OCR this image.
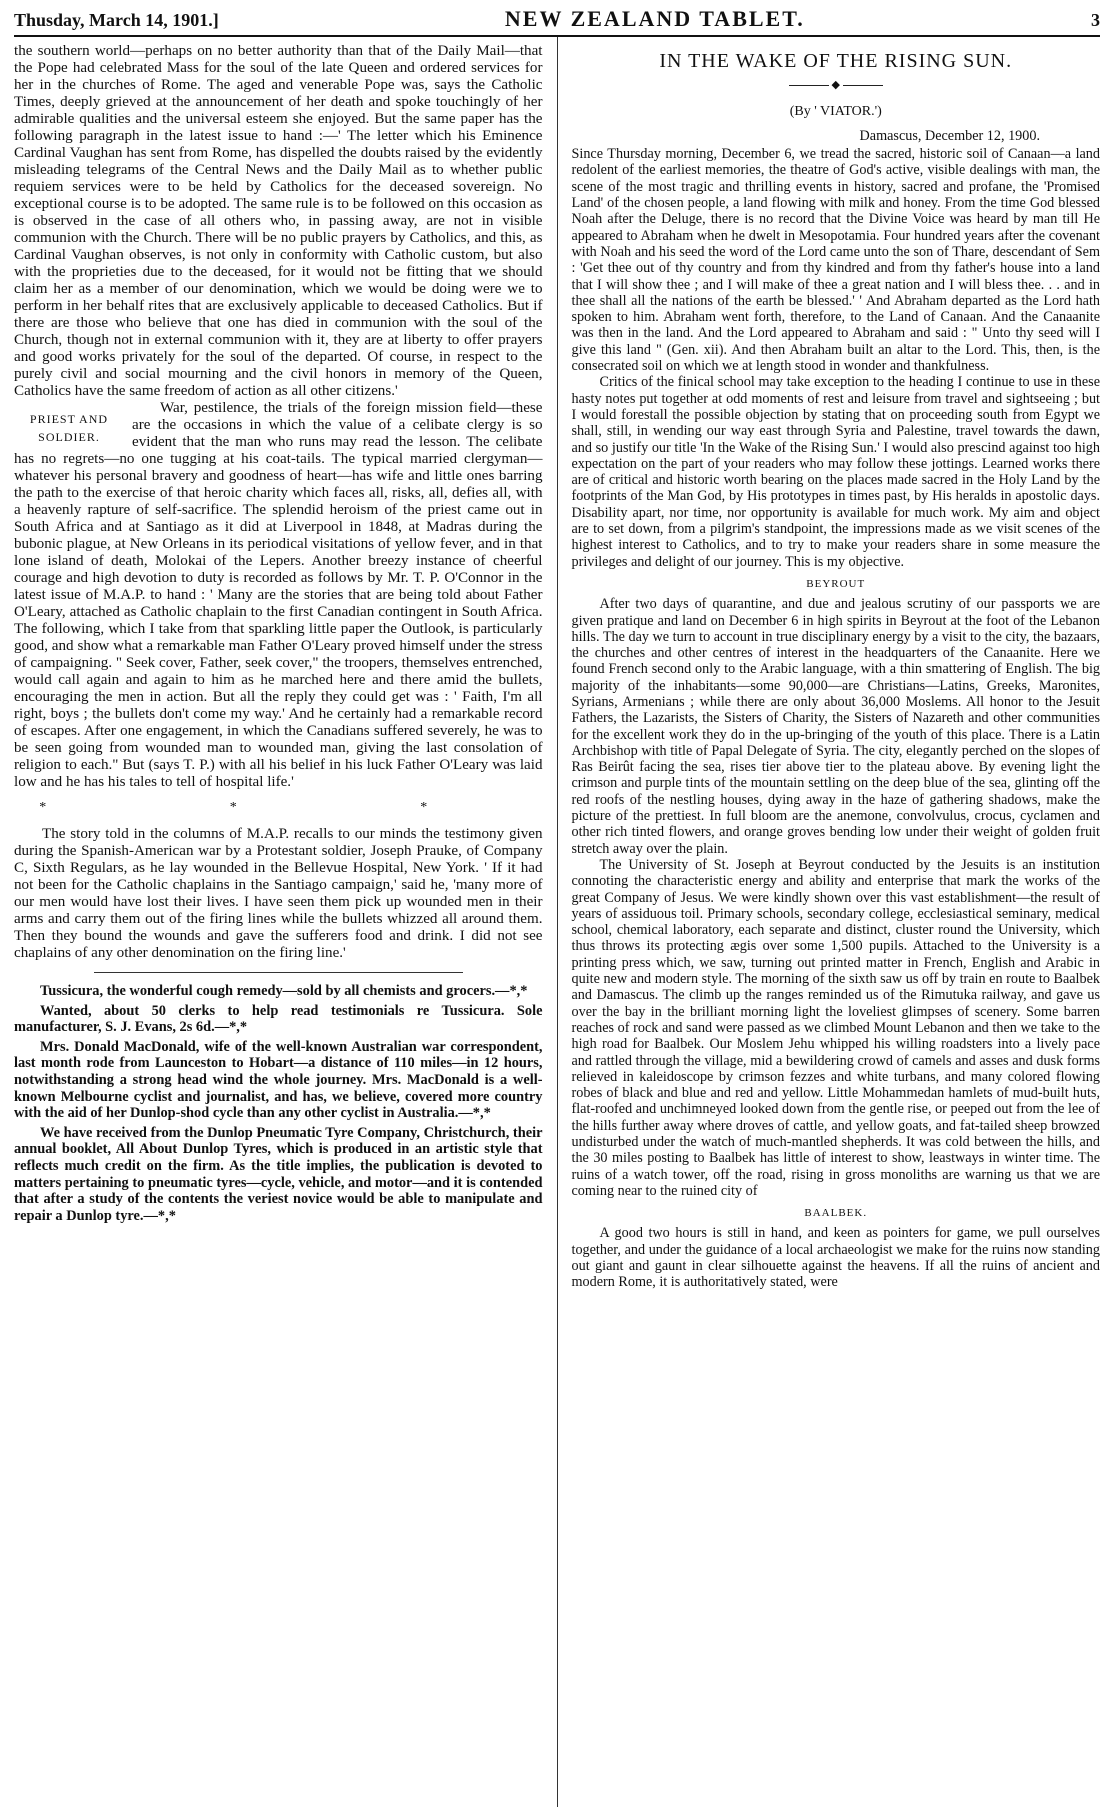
Thusday, March 14, 1901.]	NEW ZEALAND TABLET.	3

the southern world—perhaps on no better authority than that of the Daily Mail—that the Pope had celebrated Mass for the soul of the late Queen and ordered services for her in the churches of Rome. The aged and venerable Pope was, says the Catholic Times, deeply grieved at the announcement of her death and spoke touchingly of her admirable qualities and the universal esteem she enjoyed. But the same paper has the following paragraph in the latest issue to hand :—' The letter which his Eminence Cardinal Vaughan has sent from Rome, has dispelled the doubts raised by the evidently misleading telegrams of the Central News and the Daily Mail as to whether public requiem services were to be held by Catholics for the deceased sovereign. No exceptional course is to be adopted. The same rule is to be followed on this occasion as is observed in the case of all others who, in passing away, are not in visible communion with the Church. There will be no public prayers by Catholics, and this, as Cardinal Vaughan observes, is not only in conformity with Catholic custom, but also with the proprieties due to the deceased, for it would not be fitting that we should claim her as a member of our denomination, which we would be doing were we to perform in her behalf rites that are exclusively applicable to deceased Catholics. But if there are those who believe that one has died in communion with the soul of the Church, though not in external communion with it, they are at liberty to offer prayers and good works privately for the soul of the departed. Of course, in respect to the purely civil and social mourning and the civil honors in memory of the Queen, Catholics have the same freedom of action as all other citizens.'

PRIEST AND SOLDIER.

War, pestilence, the trials of the foreign mission field—these are the occasions in which the value of a celibate clergy is so evident that the man who runs may read the lesson. The celibate has no regrets—no one tugging at his coat-tails. The typical married clergyman—whatever his personal bravery and goodness of heart—has wife and little ones barring the path to the exercise of that heroic charity which faces all, risks, all, defies all, with a heavenly rapture of self-sacrifice. The splendid heroism of the priest came out in South Africa and at Santiago as it did at Liverpool in 1848, at Madras during the bubonic plague, at New Orleans in its periodical visitations of yellow fever, and in that lone island of death, Molokai of the Lepers. Another breezy instance of cheerful courage and high devotion to duty is recorded as follows by Mr. T. P. O'Connor in the latest issue of M.A.P. to hand : ' Many are the stories that are being told about Father O'Leary, attached as Catholic chaplain to the first Canadian contingent in South Africa. The following, which I take from that sparkling little paper the Outlook, is particularly good, and show what a remarkable man Father O'Leary proved himself under the stress of campaigning. " Seek cover, Father, seek cover," the troopers, themselves entrenched, would call again and again to him as he marched here and there amid the bullets, encouraging the men in action. But all the reply they could get was : ' Faith, I'm all right, boys ; the bullets don't come my way.' And he certainly had a remarkable record of escapes. After one engagement, in which the Canadians suffered severely, he was to be seen going from wounded man to wounded man, giving the last consolation of religion to each." But (says T. P.) with all his belief in his luck Father O'Leary was laid low and he has his tales to tell of hospital life.'

* * *

The story told in the columns of M.A.P. recalls to our minds the testimony given during the Spanish-American war by a Protestant soldier, Joseph Prauke, of Company C, Sixth Regulars, as he lay wounded in the Bellevue Hospital, New York. ' If it had not been for the Catholic chaplains in the Santiago campaign,' said he, 'many more of our men would have lost their lives. I have seen them pick up wounded men in their arms and carry them out of the firing lines while the bullets whizzed all around them. Then they bound the wounds and gave the sufferers food and drink. I did not see chaplains of any other denomination on the firing line.'

Tussicura, the wonderful cough remedy—sold by all chemists and grocers.—*,*

Wanted, about 50 clerks to help read testimonials re Tussicura. Sole manufacturer, S. J. Evans, 2s 6d.—*,*

Mrs. Donald MacDonald, wife of the well-known Australian war correspondent, last month rode from Launceston to Hobart—a distance of 110 miles—in 12 hours, notwithstanding a strong head wind the whole journey. Mrs. MacDonald is a well-known Melbourne cyclist and journalist, and has, we believe, covered more country with the aid of her Dunlop-shod cycle than any other cyclist in Australia.—*,*

We have received from the Dunlop Pneumatic Tyre Company, Christchurch, their annual booklet, All About Dunlop Tyres, which is produced in an artistic style that reflects much credit on the firm. As the title implies, the publication is devoted to matters pertaining to pneumatic tyres—cycle, vehicle, and motor—and it is contended that after a study of the contents the veriest novice would be able to manipulate and repair a Dunlop tyre.—*,*

IN THE WAKE OF THE RISING SUN.
◆
(By ' VIATOR.')
Damascus, December 12, 1900.

Since Thursday morning, December 6, we tread the sacred, historic soil of Canaan—a land redolent of the earliest memories, the theatre of God's active, visible dealings with man, the scene of the most tragic and thrilling events in history, sacred and profane, the 'Promised Land' of the chosen people, a land flowing with milk and honey. From the time God blessed Noah after the Deluge, there is no record that the Divine Voice was heard by man till He appeared to Abraham when he dwelt in Mesopotamia. Four hundred years after the covenant with Noah and his seed the word of the Lord came unto the son of Thare, descendant of Sem : 'Get thee out of thy country and from thy kindred and from thy father's house into a land that I will show thee ; and I will make of thee a great nation and I will bless thee. . . and in thee shall all the nations of the earth be blessed.' ' And Abraham departed as the Lord hath spoken to him. Abraham went forth, therefore, to the Land of Canaan. And the Canaanite was then in the land. And the Lord appeared to Abraham and said : " Unto thy seed will I give this land " (Gen. xii). And then Abraham built an altar to the Lord. This, then, is the consecrated soil on which we at length stood in wonder and thankfulness.

Critics of the finical school may take exception to the heading I continue to use in these hasty notes put together at odd moments of rest and leisure from travel and sightseeing ; but I would forestall the possible objection by stating that on proceeding south from Egypt we shall, still, in wending our way east through Syria and Palestine, travel towards the dawn, and so justify our title 'In the Wake of the Rising Sun.' I would also prescind against too high expectation on the part of your readers who may follow these jottings. Learned works there are of critical and historic worth bearing on the places made sacred in the Holy Land by the footprints of the Man God, by His prototypes in times past, by His heralds in apostolic days. Disability apart, nor time, nor opportunity is available for much work. My aim and object are to set down, from a pilgrim's standpoint, the impressions made as we visit scenes of the highest interest to Catholics, and to try to make your readers share in some measure the privileges and delight of our journey. This is my objective.

BEYROUT

After two days of quarantine, and due and jealous scrutiny of our passports we are given pratique and land on December 6 in high spirits in Beyrout at the foot of the Lebanon hills. The day we turn to account in true disciplinary energy by a visit to the city, the bazaars, the churches and other centres of interest in the headquarters of the Canaanite. Here we found French second only to the Arabic language, with a thin smattering of English. The big majority of the inhabitants—some 90,000—are Christians—Latins, Greeks, Maronites, Syrians, Armenians ; while there are only about 36,000 Moslems. All honor to the Jesuit Fathers, the Lazarists, the Sisters of Charity, the Sisters of Nazareth and other communities for the excellent work they do in the up-bringing of the youth of this place. There is a Latin Archbishop with title of Papal Delegate of Syria. The city, elegantly perched on the slopes of Ras Beirût facing the sea, rises tier above tier to the plateau above. By evening light the crimson and purple tints of the mountain settling on the deep blue of the sea, glinting off the red roofs of the nestling houses, dying away in the haze of gathering shadows, make the picture of the prettiest. In full bloom are the anemone, convolvulus, crocus, cyclamen and other rich tinted flowers, and orange groves bending low under their weight of golden fruit stretch away over the plain.

The University of St. Joseph at Beyrout conducted by the Jesuits is an institution connoting the characteristic energy and ability and enterprise that mark the works of the great Company of Jesus. We were kindly shown over this vast establishment—the result of years of assiduous toil. Primary schools, secondary college, ecclesiastical seminary, medical school, chemical laboratory, each separate and distinct, cluster round the University, which thus throws its protecting ægis over some 1,500 pupils. Attached to the University is a printing press which, we saw, turning out printed matter in French, English and Arabic in quite new and modern style. The morning of the sixth saw us off by train en route to Baalbek and Damascus. The climb up the ranges reminded us of the Rimutuka railway, and gave us over the bay in the brilliant morning light the loveliest glimpses of scenery. Some barren reaches of rock and sand were passed as we climbed Mount Lebanon and then we take to the high road for Baalbek. Our Moslem Jehu whipped his willing roadsters into a lively pace and rattled through the village, mid a bewildering crowd of camels and asses and dusk forms relieved in kaleidoscope by crimson fezzes and white turbans, and many colored flowing robes of black and blue and red and yellow. Little Mohammedan hamlets of mud-built huts, flat-roofed and unchimneyed looked down from the gentle rise, or peeped out from the lee of the hills further away where droves of cattle, and yellow goats, and fat-tailed sheep browzed undisturbed under the watch of much-mantled shepherds. It was cold between the hills, and the 30 miles posting to Baalbek has little of interest to show, leastways in winter time. The ruins of a watch tower, off the road, rising in gross monoliths are warning us that we are coming near to the ruined city of

BAALBEK.

A good two hours is still in hand, and keen as pointers for game, we pull ourselves together, and under the guidance of a local archaeologist we make for the ruins now standing out giant and gaunt in clear silhouette against the heavens. If all the ruins of ancient and modern Rome, it is authoritatively stated, were
